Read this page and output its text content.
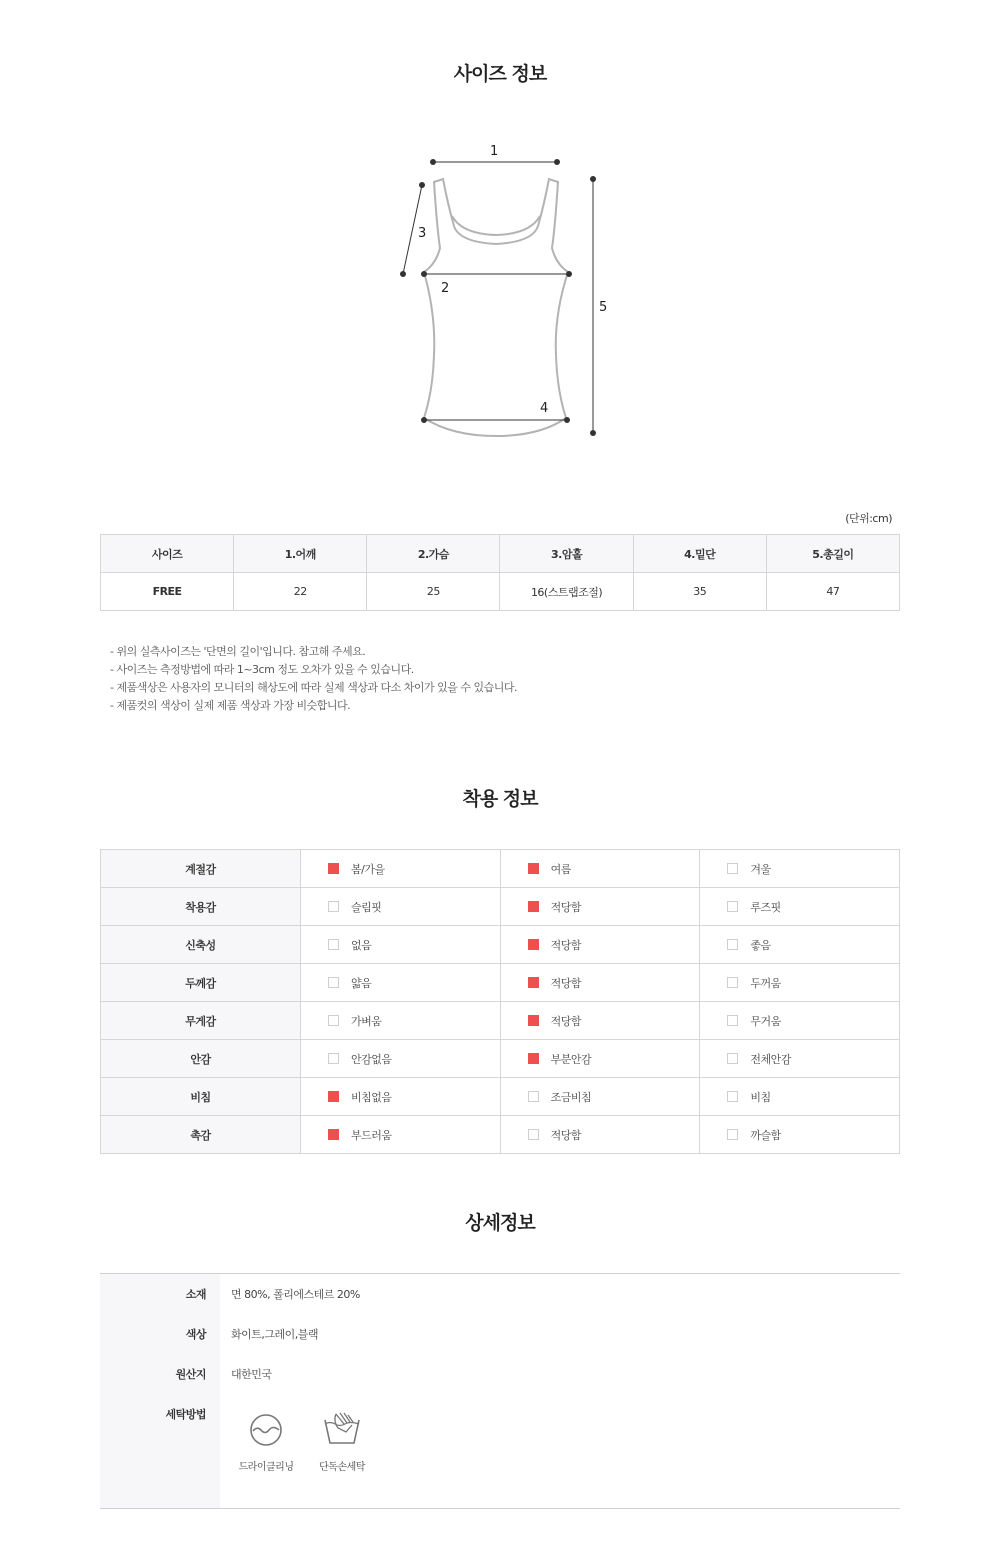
사이즈 정보
1
3
2
4
5
(단위:cm)
사이즈	1.어깨	2.가슴	3.암홀	4.밑단	5.총길이
FREE	22	25	16(스트랩조절)	35	47
- 위의 실측사이즈는 '단면의 길이'입니다. 참고해 주세요.
- 사이즈는 측정방법에 따라 1~3cm 정도 오차가 있을 수 있습니다.
- 제품색상은 사용자의 모니터의 해상도에 따라 실제 색상과 다소 차이가 있을 수 있습니다.
- 제품컷의 색상이 실제 제품 색상과 가장 비슷합니다.
착용 정보
계절감	봄/가을	여름	겨울
착용감	슬림핏	적당함	루즈핏
신축성	없음	적당함	좋음
두께감	얇음	적당함	두꺼움
무게감	가벼움	적당함	무거움
안감	안감없음	부분안감	전체안감
비침	비침없음	조금비침	비침
촉감	부드러움	적당함	까슬함
상세정보
소재 면 80%, 폴리에스테르 20%
색상 화이트,그레이,블랙
원산지 대한민국
세탁방법
드라이클리닝	단독손세탁
